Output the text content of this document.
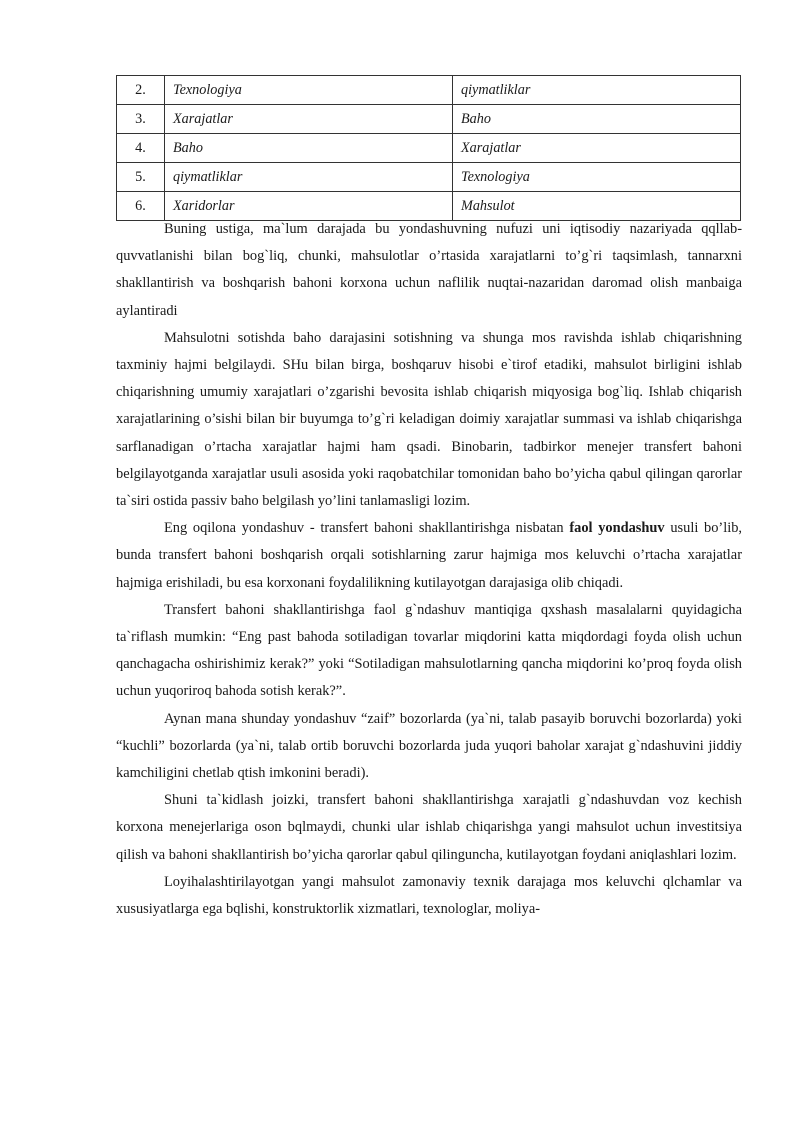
2.	Texnologiya	qiymatliklar
3.	Xarajatlar	Baho
4.	Baho	Xarajatlar
5.	qiymatliklar	Texnologiya
6.	Xaridorlar	Mahsulot

Buning ustiga, ma`lum darajada bu yondashuvning nufuzi uni iqtisodiy nazariyada qqllab-quvvatlanishi bilan bog`liq, chunki, mahsulotlar o’rtasida xarajatlarni to’g`ri taqsimlash, tannarxni shakllantirish va boshqarish bahoni korxona uchun naflilik nuqtai-nazaridan daromad olish manbaiga aylantiradi

Mahsulotni sotishda baho darajasini sotishning va shunga mos ravishda ishlab chiqarishning taxminiy hajmi belgilaydi. SHu bilan birga, boshqaruv hisobi e`tirof etadiki, mahsulot birligini ishlab chiqarishning umumiy xarajatlari o’zgarishi bevosita ishlab chiqarish miqyosiga bog`liq. Ishlab chiqarish xarajatlarining o’sishi bilan bir buyumga to’g`ri keladigan doimiy xarajatlar summasi va ishlab chiqarishga sarflanadigan o’rtacha xarajatlar hajmi ham qsadi. Binobarin, tadbirkor menejer transfert bahoni belgilayotganda xarajatlar usuli asosida yoki raqobatchilar tomonidan baho bo’yicha qabul qilingan qarorlar ta`siri ostida passiv baho belgilash yo’lini tanlamasligi lozim.

Eng oqilona yondashuv - transfert bahoni shakllantirishga nisbatan faol yondashuv usuli bo’lib, bunda transfert bahoni boshqarish orqali sotishlarning zarur hajmiga mos keluvchi o’rtacha xarajatlar hajmiga erishiladi, bu esa korxonani foydalilikning kutilayotgan darajasiga olib chiqadi.

Transfert bahoni shakllantirishga faol g`ndashuv mantiqiga qxshash masalalarni quyidagicha ta`riflash mumkin: “Eng past bahoda sotiladigan tovarlar miqdorini katta miqdordagi foyda olish uchun qanchagacha oshirishimiz kerak?” yoki “Sotiladigan mahsulotlarning qancha miqdorini ko’proq foyda olish uchun yuqoriroq bahoda sotish kerak?”.

Aynan mana shunday yondashuv “zaif” bozorlarda (ya`ni, talab pasayib boruvchi bozorlarda) yoki “kuchli” bozorlarda (ya`ni, talab ortib boruvchi bozorlarda juda yuqori baholar xarajat g`ndashuvini jiddiy kamchiligini chetlab qtish imkonini beradi).

Shuni ta`kidlash joizki, transfert bahoni shakllantirishga xarajatli g`ndashuvdan voz kechish korxona menejerlariga oson bqlmaydi, chunki ular ishlab chiqarishga yangi mahsulot uchun investitsiya qilish va bahoni shakllantirish bo’yicha qarorlar qabul qilinguncha, kutilayotgan foydani aniqlashlari lozim.

Loyihalashtirilayotgan yangi mahsulot zamonaviy texnik darajaga mos keluvchi qlchamlar va xususiyatlarga ega bqlishi, konstruktorlik xizmatlari, texnologlar, moliya-
